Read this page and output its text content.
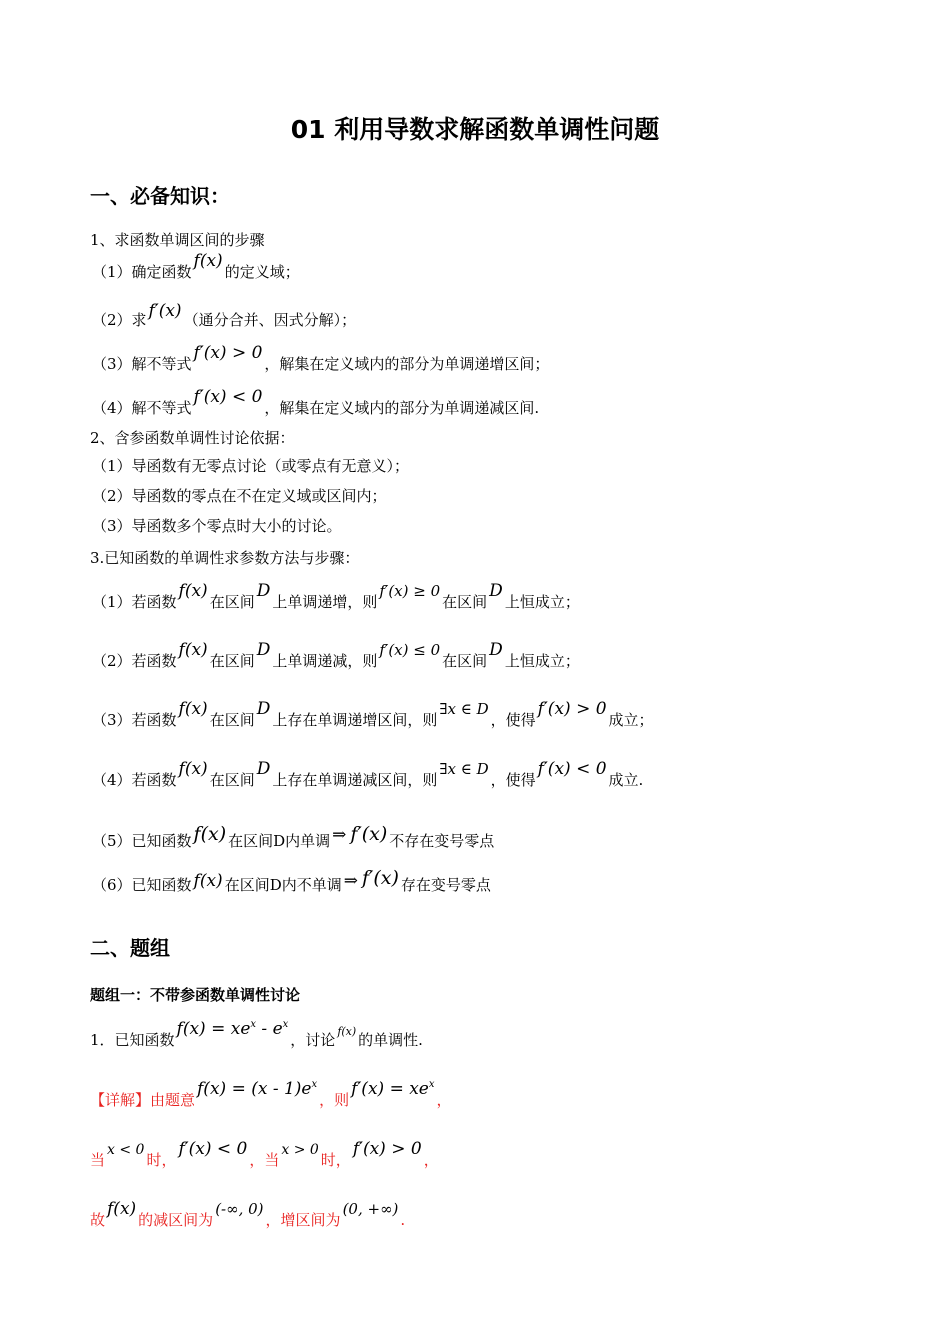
01 利用导数求解函数单调性问题
一、必备知识：
1、求函数单调区间的步骤
（1）确定函数f(x)的定义域；
（2）求 f′(x) （通分合并、因式分解）；
（3）解不等式f′(x) > 0，解集在定义域内的部分为单调递增区间；
（4）解不等式f′(x) < 0，解集在定义域内的部分为单调递减区间.
2、含参函数单调性讨论依据：
（1）导函数有无零点讨论（或零点有无意义）；
（2）导函数的零点在不在定义域或区间内；
（3）导函数多个零点时大小的讨论。
3.已知函数的单调性求参数方法与步骤：
（1）若函数f(x)在区间D上单调递增，则f′(x) ≥ 0在区间D上恒成立；
（2）若函数f(x)在区间D上单调递减，则f′(x) ≤ 0在区间D上恒成立；
（3）若函数f(x)在区间D上存在单调递增区间，则∃x ∈ D，使得f′(x) > 0成立；
（4）若函数f(x)在区间D上存在单调递减区间，则∃x ∈ D，使得f′(x) < 0成立.
（5）已知函数 f(x) 在区间D内单调 ⇒ f′(x) 不存在变号零点
（6）已知函数 f(x) 在区间D内不单调 ⇒ f′(x) 存在变号零点
二、题组
题组一：不带参函数单调性讨论
1．已知函数$f(x) = xe^x - e^x$，讨论 $^{f(x)}$ 的单调性.
【详解】由题意$f(x) = (x - 1)e^x$，则$f'(x) = xe^x$，
当x < 0时，f′(x) < 0，当x > 0时，f′(x) > 0，
故f(x)的减区间为(-∞, 0)，增区间为(0, +∞).
